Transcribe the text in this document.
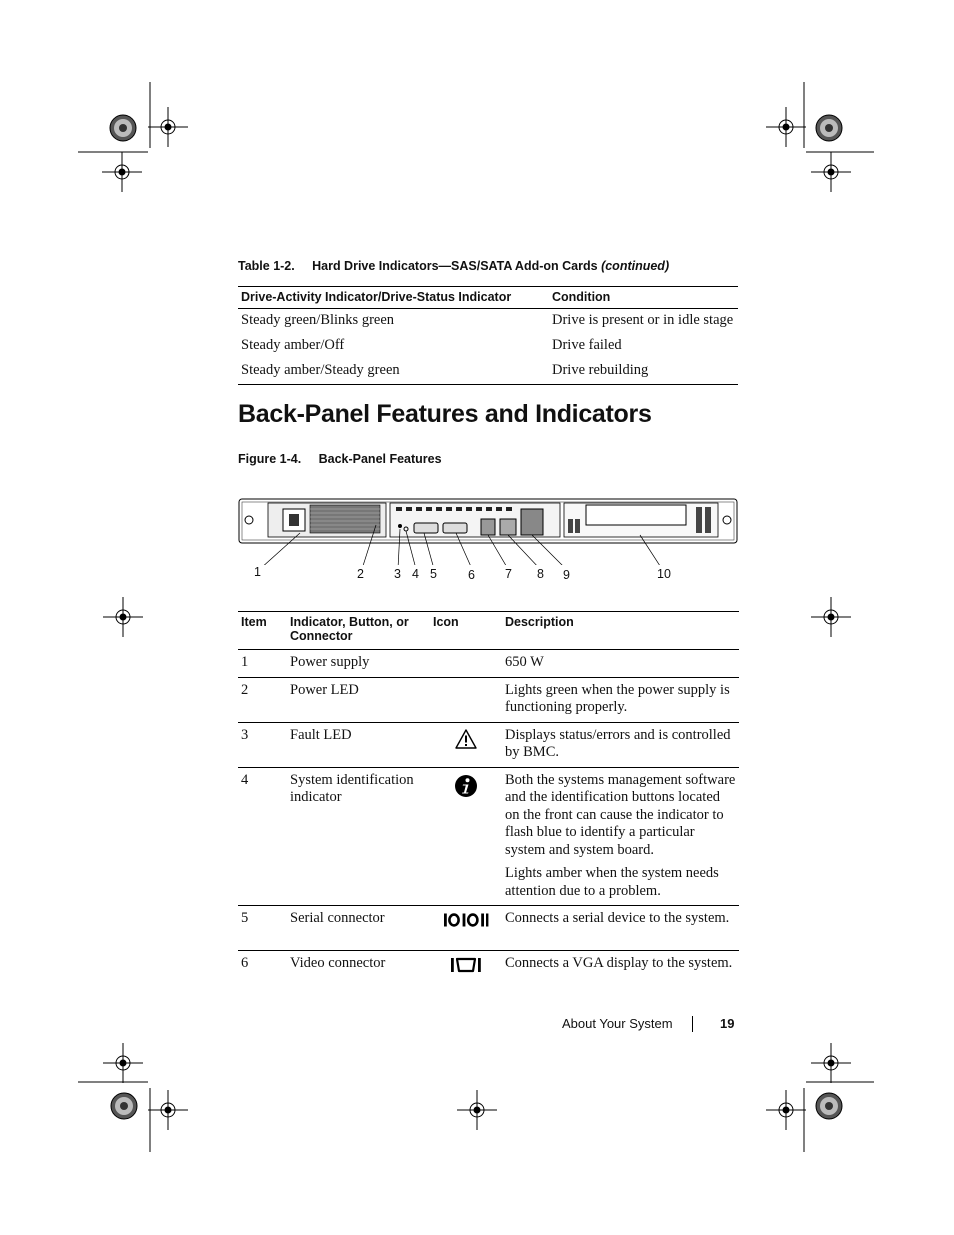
Table 1-2. Hard Drive Indicators—SAS/SATA Add-on Cards (continued)
Drive-Activity Indicator/Drive-Status Indicator	Condition
Steady green/Blinks green	Drive is present or in idle stage
Steady amber/Off	Drive failed
Steady amber/Steady green	Drive rebuilding
Back-Panel Features and Indicators
Figure 1-4. Back-Panel Features
1	2 3 4 5 6 7 8 9	10
Item	Indicator, Button, or Connector	Icon	Description
1	Power supply		650 W

2	Power LED		Lights green when the power supply is functioning properly.

3	Fault LED		Displays status/errors and is controlled by BMC.

4	System identification indicator		Both the systems management software and the identification buttons located on the front can cause the indicator to flash blue to identify a particular system and system board.

Lights amber when the system needs attention due to a problem.

5	Serial connector		Connects a serial device to the system.

6	Video connector		Connects a VGA display to the system.

About Your System	19
